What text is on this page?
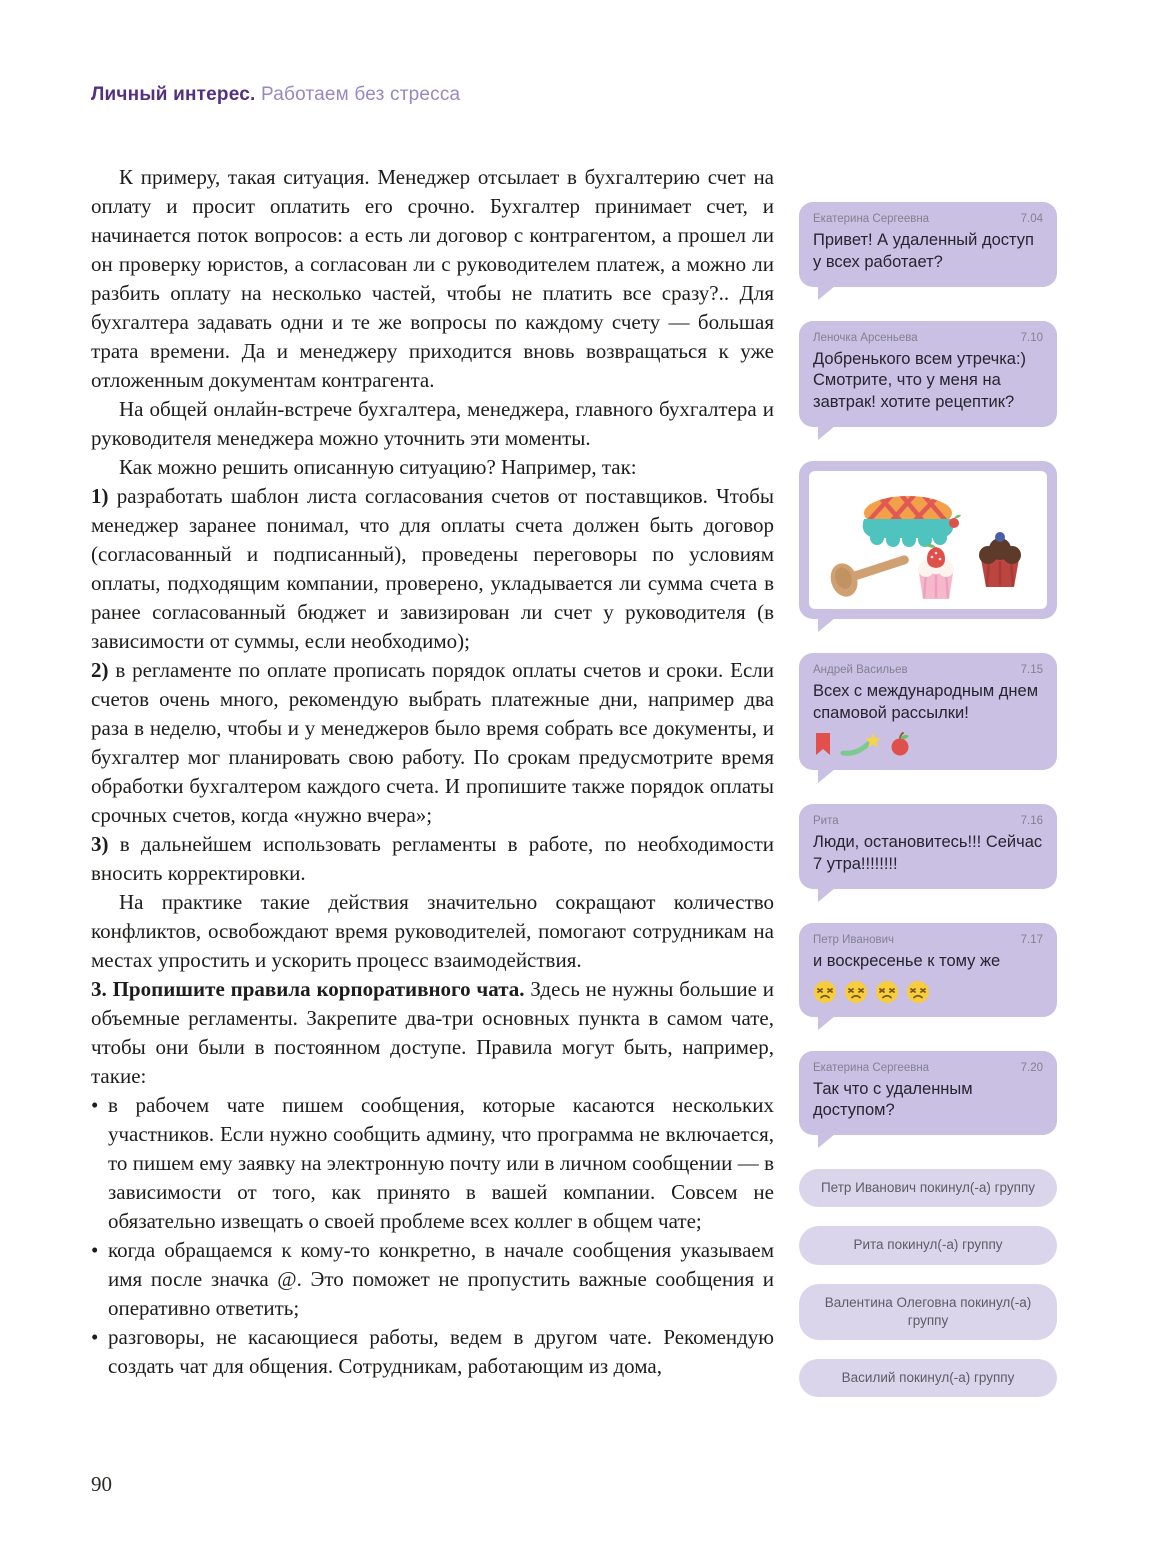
Личный интерес. Работаем без стресса

К примеру, такая ситуация. Менеджер отсылает в бухгалтерию счет на оплату и просит оплатить его срочно. Бухгалтер принимает счет, и начинается поток вопросов: а есть ли договор с контрагентом, а прошел ли он проверку юристов, а согласован ли с руководителем платеж, а можно ли разбить оплату на несколько частей, чтобы не платить все сразу?.. Для бухгалтера задавать одни и те же вопросы по каждому счету — большая трата времени. Да и менеджеру приходится вновь возвращаться к уже отложенным документам контрагента.

На общей онлайн-встрече бухгалтера, менеджера, главного бухгалтера и руководителя менеджера можно уточнить эти моменты.

Как можно решить описанную ситуацию? Например, так:

1) разработать шаблон листа согласования счетов от поставщиков. Чтобы менеджер заранее понимал, что для оплаты счета должен быть договор (согласованный и подписанный), проведены переговоры по условиям оплаты, подходящим компании, проверено, укладывается ли сумма счета в ранее согласованный бюджет и завизирован ли счет у руководителя (в зависимости от суммы, если необходимо);

2) в регламенте по оплате прописать порядок оплаты счетов и сроки. Если счетов очень много, рекомендую выбрать платежные дни, например два раза в неделю, чтобы и у менеджеров было время собрать все документы, и бухгалтер мог планировать свою работу. По срокам предусмотрите время обработки бухгалтером каждого счета. И пропишите также порядок оплаты срочных счетов, когда «нужно вчера»;

3) в дальнейшем использовать регламенты в работе, по необходимости вносить корректировки.

На практике такие действия значительно сокращают количество конфликтов, освобождают время руководителей, помогают сотрудникам на местах упростить и ускорить процесс взаимодействия.

3. Пропишите правила корпоративного чата. Здесь не нужны большие и объемные регламенты. Закрепите два-три основных пункта в самом чате, чтобы они были в постоянном доступе. Правила могут быть, например, такие:

• в рабочем чате пишем сообщения, которые касаются нескольких участников. Если нужно сообщить админу, что программа не включается, то пишем ему заявку на электронную почту или в личном сообщении — в зависимости от того, как принято в вашей компании. Совсем не обязательно извещать о своей проблеме всех коллег в общем чате;

• когда обращаемся к кому-то конкретно, в начале сообщения указываем имя после значка @. Это поможет не пропустить важные сообщения и оперативно ответить;

• разговоры, не касающиеся работы, ведем в другом чате. Рекомендую создать чат для общения. Сотрудникам, работающим из дома,

Екатерина Сергеевна	7.04
Привет! А удаленный доступ у всех работает?
Леночка Арсеньева	7.10
Добренького всем утречка:) Смотрите, что у меня на завтрак! хотите рецептик?
Андрей Васильев	7.15
Всех с международным днем спамовой рассылки!
Рита	7.16
Люди, остановитесь!!! Сейчас 7 утра!!!!!!!!
Петр Иванович	7.17
и воскресенье к тому же
Екатерина Сергеевна	7.20
Так что с удаленным доступом?
Петр Иванович покинул(-а) группу
Рита покинул(-а) группу
Валентина Олеговна покинул(-а) группу
Василий покинул(-а) группу
90
